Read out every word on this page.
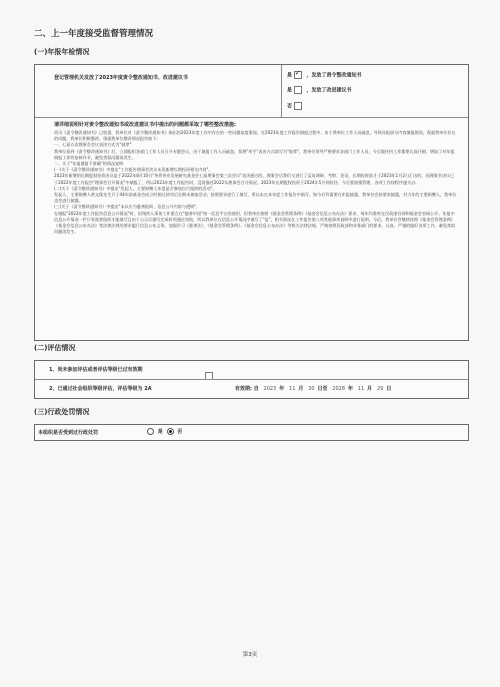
二、上一年度接受监督管理情况
(一)年报年检情况
登记管理机关发放了2023年度责令整改通知书、改进建议书	是 ✓	，发放了责令整改通知书
是	，发放了改进建议书
否
请详细说明针对责令整改通知书或改进建议书中提出的问题都采取了哪些整改措施:

贵司《责令整改通知书》已收悉，我单位对《责令整改通知书》指出的2023年度工作中存在的一些问题高度重视。在2023年度工作报告填报过程中，由于我单位工作人员疏忽，导致年报部分内容填报错误。现就我单位存在的问题，我单位积极整改，现就我单位整改情况报告如下:

一、七届五次理事会会议表决方式为"鼓掌"

我单位看到《责令整改通知书》后，立即组织各部门工作人员召开专题会议，由于填报工作人员疏忽，误将"举手"表决方式填写为"鼓掌"，我单位领导严格要求各部门工作人员，今后做任何工作都要认真仔细，增加了对年报填报工作的复核环节，避免类似问题再发生。

二、关于"年报填报不准确"的情况说明

(一)关于《责令整改通知书》中提出"工作报告理事会决议未见新增长期投资相关内容"。

2023年新增的长期股权投资决议是于2022年8月10日"华侨茶业发展研究基金会七届理事会第三次会议"表决通过的，理事会后我们又进行了反复调研、考察、论证，长期投资款才于2023年1月2日汇出的，因理事会决议已于2022年度工作报告"理事会召开情况"中填报了，所以2023年度工作报告时，没再描述2022年理事会召开情况。2023年长期股权投资于2024年5月份收回，今后要加强管理，各项工作按程序逐关办。

(二)关于《责令整改通知书》中提出"发起人、主要捐赠人年度是否参加自行组织的活动"。

发起人、主要捐赠人黄文俊先生只于44年前基金会成立时捐过款项后长期未参加活动，按照要求进行了填写，所以未在本年度工作报告中填写，如今后有需要在年报披露，我单位会按要求披露，对当年的主要捐赠人，我单位也会进行披露。

(三)关于《责令整改通知书》中提出"未以应为慈善组织、信息公开内容与透明"。

在填报"2023年度工作报告信息公开情况"时，因残疾人事务工作重点在"慈善中国"统一信息平台的使用，但我单位按照《基金会管理条例》《基金会信息公布办法》要求，每年均准时在民政部官网和基金会官网公开。年报中信息公开情况一栏只有需要组织才能填写且由于公示后填写完成时须通过审批，所以我单位在信息公开情况中填写了"是"，相关情况在工作报告第八项其他事项说明中进行说明。今后，我单位会继续按照《基金会管理条例》《基金会信息公布办法》等法律法规的要求履行信息公布义务，加强学习《慈善法》、《基金会管理条例》、《基金会信息公布办法》等相关法律法规，严格按照民政部和业务部门的要求，认真、严谨的做好各项工作，避免类似问题再发生。

(二)评估情况
1、尚未参加评估或者评估等级已过有效期
2、已通过社会组织等级评估，评估等级为 2A	有效期: 自 2023 年 11 月 30 日至 2028 年 11 月 29 日
(三)行政处罚情况
本组织是否受到过行政处罚	是	否
第3页
